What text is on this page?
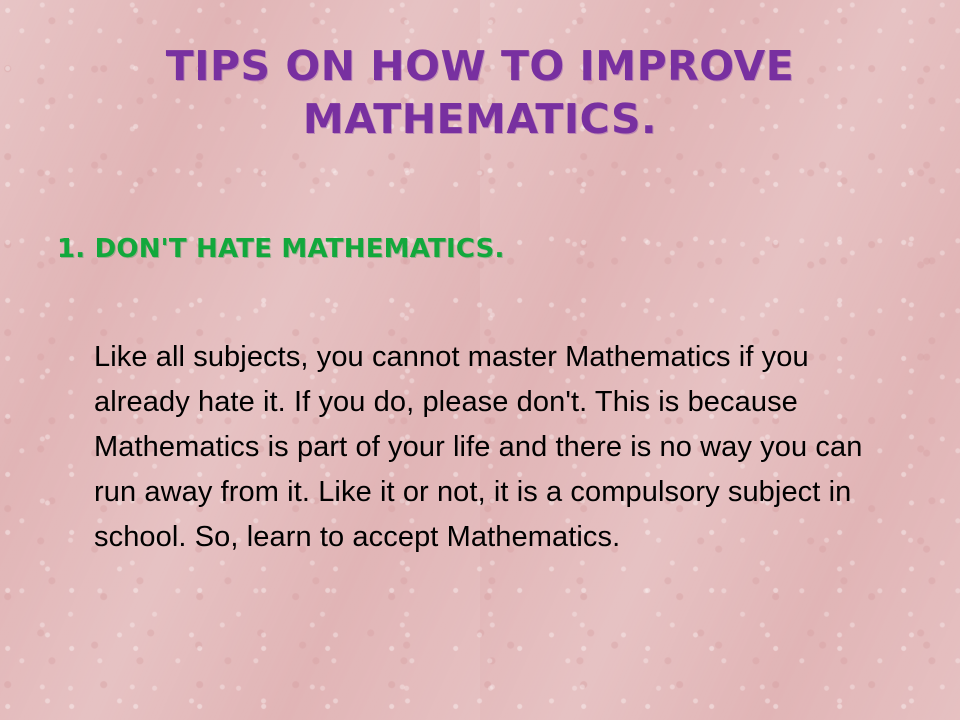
TIPS ON HOW TO IMPROVE MATHEMATICS.
1. DON'T HATE MATHEMATICS.
Like all subjects, you cannot master Mathematics if you already hate it. If you do, please don't. This is because Mathematics is part of your life and there is no way you can run away from it. Like it or not, it is a compulsory subject in school. So, learn to accept Mathematics.
